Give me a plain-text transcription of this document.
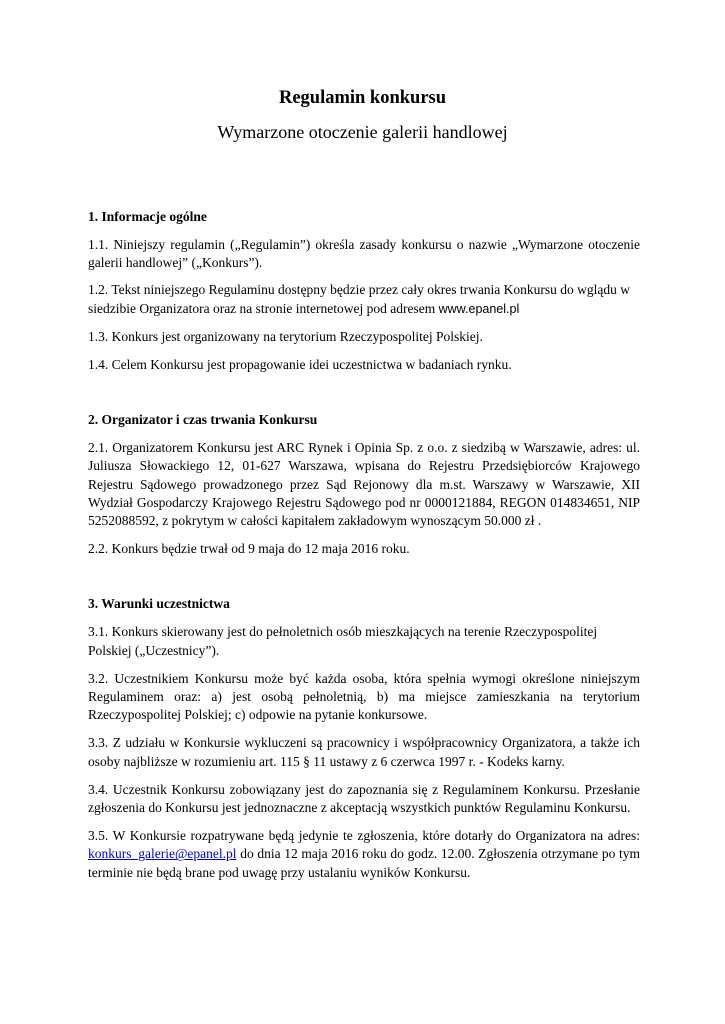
Regulamin konkursu
Wymarzone otoczenie galerii handlowej
1. Informacje ogólne

1.1. Niniejszy regulamin („Regulamin”) określa zasady konkursu o nazwie „Wymarzone otoczenie galerii handlowej” („Konkurs”).

1.2. Tekst niniejszego Regulaminu dostępny będzie przez cały okres trwania Konkursu do wglądu w siedzibie Organizatora oraz na stronie internetowej pod adresem www.epanel.pl

1.3. Konkurs jest organizowany na terytorium Rzeczypospolitej Polskiej.

1.4. Celem Konkursu jest propagowanie idei uczestnictwa w badaniach rynku.

2. Organizator i czas trwania Konkursu

2.1. Organizatorem Konkursu jest ARC Rynek i Opinia Sp. z o.o. z siedzibą w Warszawie, adres: ul. Juliusza Słowackiego 12, 01-627 Warszawa, wpisana do Rejestru Przedsiębiorców Krajowego Rejestru Sądowego prowadzonego przez Sąd Rejonowy dla m.st. Warszawy w Warszawie, XII Wydział Gospodarczy Krajowego Rejestru Sądowego pod nr 0000121884, REGON 014834651, NIP 5252088592, z pokrytym w całości kapitałem zakładowym wynoszącym 50.000 zł .

2.2. Konkurs będzie trwał od 9 maja do 12 maja 2016 roku.

3. Warunki uczestnictwa

3.1. Konkurs skierowany jest do pełnoletnich osób mieszkających na terenie Rzeczypospolitej Polskiej („Uczestnicy”).

3.2. Uczestnikiem Konkursu może być każda osoba, która spełnia wymogi określone niniejszym Regulaminem oraz: a) jest osobą pełnoletnią, b) ma miejsce zamieszkania na terytorium Rzeczypospolitej Polskiej; c) odpowie na pytanie konkursowe.

3.3. Z udziału w Konkursie wykluczeni są pracownicy i współpracownicy Organizatora, a także ich osoby najbliższe w rozumieniu art. 115 § 11 ustawy z 6 czerwca 1997 r. - Kodeks karny.

3.4. Uczestnik Konkursu zobowiązany jest do zapoznania się z Regulaminem Konkursu. Przesłanie zgłoszenia do Konkursu jest jednoznaczne z akceptacją wszystkich punktów Regulaminu Konkursu.

3.5. W Konkursie rozpatrywane będą jedynie te zgłoszenia, które dotarły do Organizatora na adres: konkurs_galerie@epanel.pl do dnia 12 maja 2016 roku do godz. 12.00. Zgłoszenia otrzymane po tym terminie nie będą brane pod uwagę przy ustalaniu wyników Konkursu.
